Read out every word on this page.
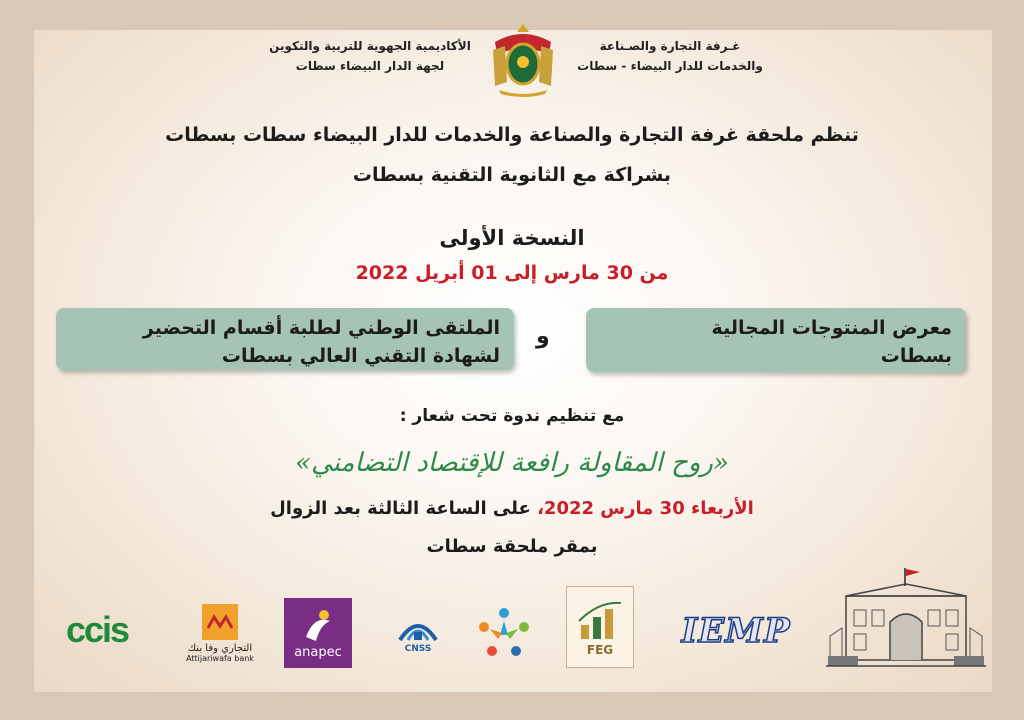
غـرفة التجارة والصـناعة
والخدمات للدار البيضاء - سطات
الأكاديمية الجهوية للتربية والتكوين
لجهة الدار البيضاء سطات
تنظم ملحقة غرفة التجارة والصناعة والخدمات للدار البيضاء سطات بسطات
بشراكة مع الثانوية التقنية بسطات
النسخة الأولى
من 30 مارس إلى 01 أبريل 2022
معرض المنتوجات المجالية
بسطات
و
الملتقى الوطني لطلبة أقسام التحضير
لشهادة التقني العالي بسطات
مع تنظيم ندوة تحت شعار :
«روح المقاولة رافعة للإقتصاد التضامني»
الأربعاء 30 مارس 2022، على الساعة الثالثة بعد الزوال
بمقر ملحقة سطات
ccis	التجاري وفا بنك
Attijariwafa bank	anapec	CNSS	FEG IEMP
